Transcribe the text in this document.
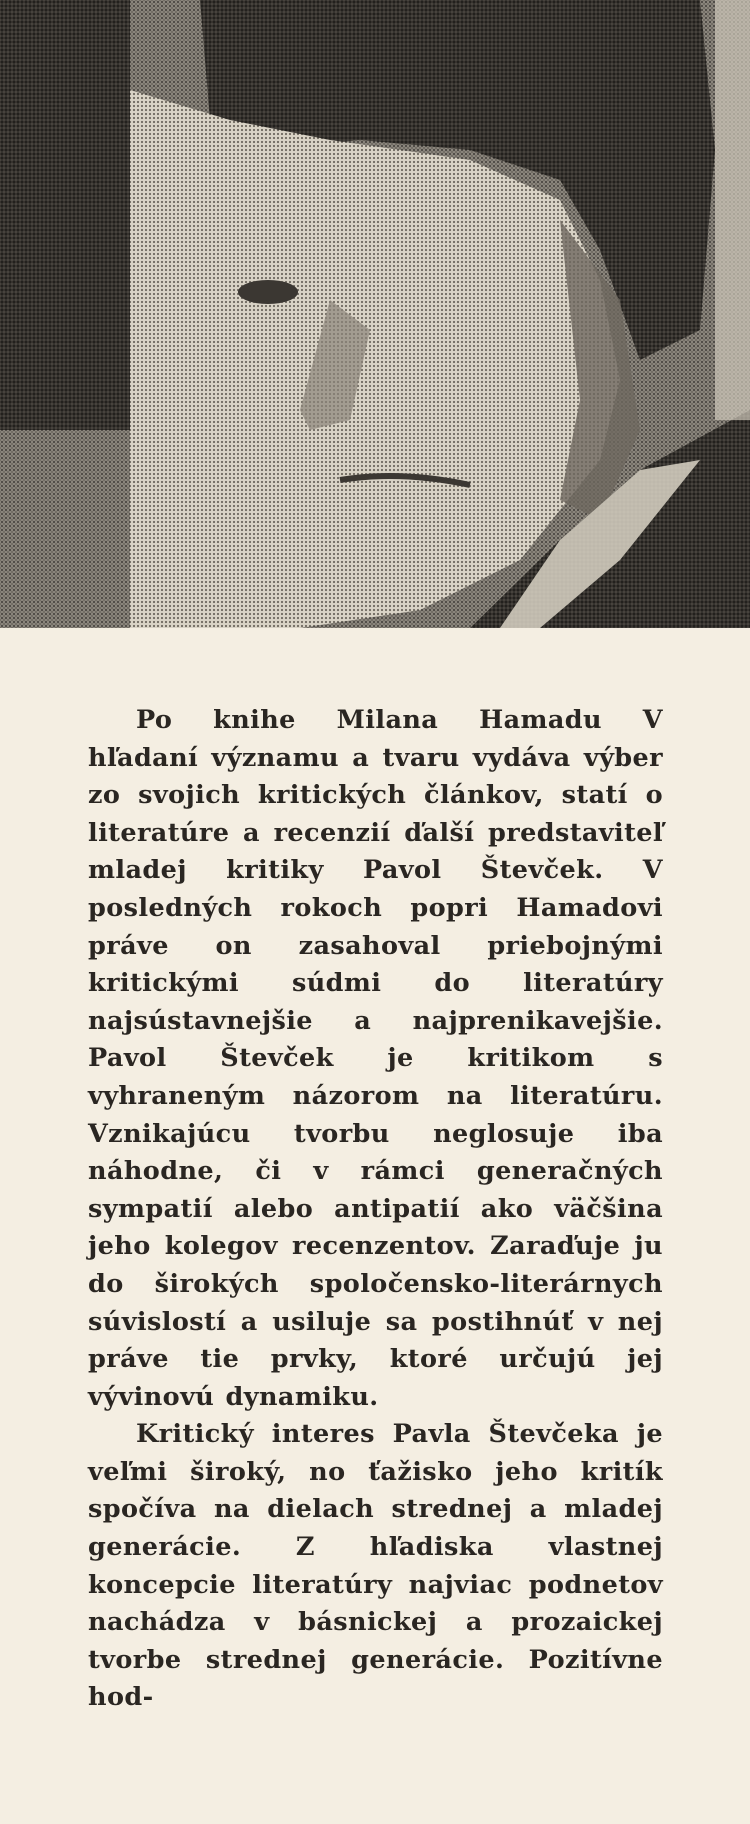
Po knihe Milana Hamadu V hľadaní významu a tvaru vydáva výber zo svojich kritických článkov, statí o literatúre a recenzií ďalší predstaviteľ mladej kritiky Pavol Števček. V posledných rokoch popri Hamadovi práve on zasahoval priebojnými kritickými súdmi do literatúry najsústavnejšie a najprenikavejšie. Pavol Števček je kritikom s vyhraneným názorom na literatúru. Vznikajúcu tvorbu neglosuje iba náhodne, či v rámci generačných sympatií alebo antipatií ako väčšina jeho kolegov recenzentov. Zaraďuje ju do širokých spoločensko-literárnych súvislostí a usiluje sa postihnúť v nej práve tie prvky, ktoré určujú jej vývinovú dynamiku.

Kritický interes Pavla Števčeka je veľmi široký, no ťažisko jeho kritík spočíva na dielach strednej a mladej generácie. Z hľadiska vlastnej koncepcie literatúry najviac podnetov nachádza v básnickej a prozaickej tvorbe strednej generácie. Pozitívne hod-
